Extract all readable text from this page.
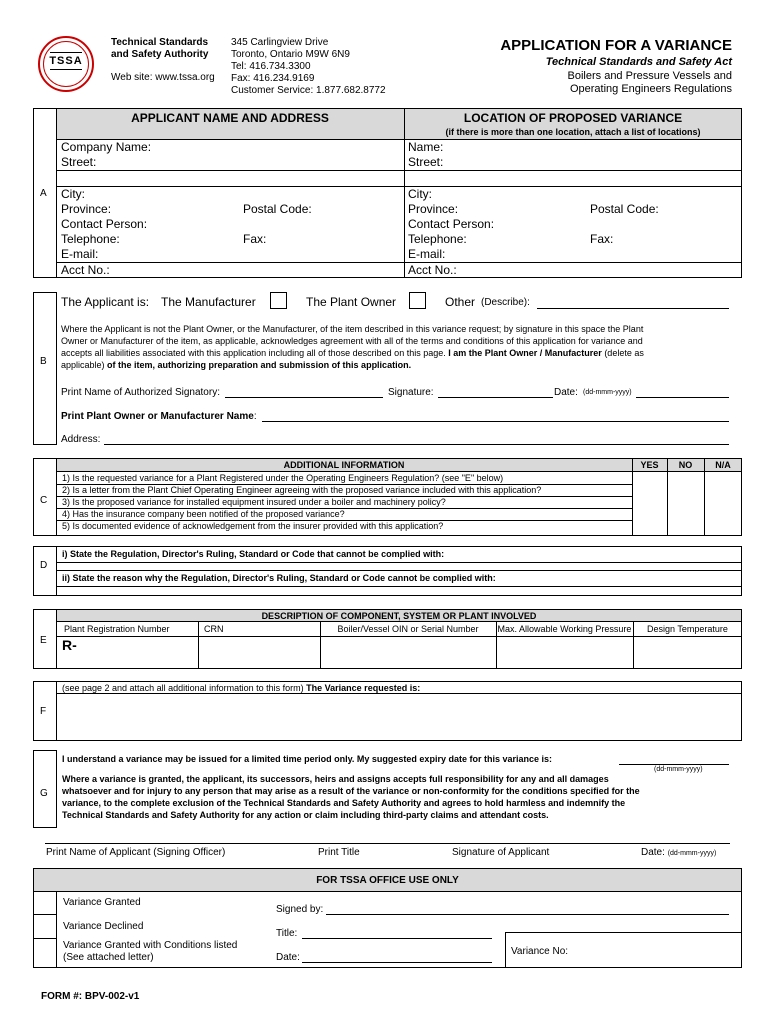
TSSA
Technical Standards
and Safety Authority
Web site: www.tssa.org
345 Carlingview Drive
Toronto, Ontario M9W 6N9
Tel: 416.734.3300
Fax: 416.234.9169
Customer Service: 1.877.682.8772
APPLICATION FOR A VARIANCE
Technical Standards and Safety Act
Boilers and Pressure Vessels and
Operating Engineers Regulations
A
APPLICANT NAME AND ADDRESS	LOCATION OF PROPOSED VARIANCE
(if there is more than one location, attach a list of locations)
Company Name:
Street:
City:
Province:	Postal Code:
Contact Person:
Telephone:	Fax:
E-mail:
Acct No.:
Name:
Street:
City:
Province:	Postal Code:
Contact Person:
Telephone:	Fax:
E-mail:
Acct No.:
B
The Applicant is: The Manufacturer	The Plant Owner	Other (Describe):
Where the Applicant is not the Plant Owner, or the Manufacturer, of the item described in this variance request; by signature in this space the Plant
Owner or Manufacturer of the item, as applicable, acknowledges agreement with all of the terms and conditions of this application for variance and
accepts all liabilities associated with this application including all of those described on this page. I am the Plant Owner / Manufacturer (delete as
applicable) of the item, authorizing preparation and submission of this application.
Print Name of Authorized Signatory:	Signature:	Date: (dd-mmm-yyyy)
Print Plant Owner or Manufacturer Name:
Address:
C
ADDITIONAL INFORMATION	YES	NO	N/A
1) Is the requested variance for a Plant Registered under the Operating Engineers Regulation? (see "E" below)
2) Is a letter from the Plant Chief Operating Engineer agreeing with the proposed variance included with this application?
3) Is the proposed variance for installed equipment insured under a boiler and machinery policy?
4) Has the insurance company been notified of the proposed variance?
5) Is documented evidence of acknowledgement from the insurer provided with this application?
D
i) State the Regulation, Director's Ruling, Standard or Code that cannot be complied with:
ii) State the reason why the Regulation, Director's Ruling, Standard or Code cannot be complied with:
E
DESCRIPTION OF COMPONENT, SYSTEM OR PLANT INVOLVED
Plant Registration Number	CRN	Boiler/Vessel OIN or Serial Number	Max. Allowable Working Pressure	Design Temperature
R-
F
(see page 2 and attach all additional information to this form) The Variance requested is:
G
I understand a variance may be issued for a limited time period only. My suggested expiry date for this variance is:
(dd-mmm-yyyy)
Where a variance is granted, the applicant, its successors, heirs and assigns accepts full responsibility for any and all damages
whatsoever and for injury to any person that may arise as a result of the variance or non-conformity for the conditions specified for the
variance, to the complete exclusion of the Technical Standards and Safety Authority and agrees to hold harmless and indemnify the
Technical Standards and Safety Authority for any action or claim including third-party claims and attendant costs.
Print Name of Applicant (Signing Officer)	Print Title	Signature of Applicant	Date: (dd-mmm-yyyy)
FOR TSSA OFFICE USE ONLY
Variance Granted
Variance Declined
Variance Granted with Conditions listed
(See attached letter)
Signed by:
Title:
Date:
Variance No:
FORM #: BPV-002-v1
